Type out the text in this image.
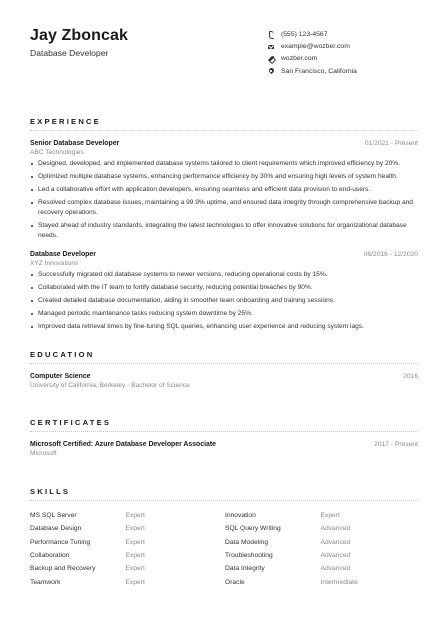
Jay Zboncak
Database Developer
(555) 123-4567
example@wozber.com
wozber.com
San Francisco, California
EXPERIENCE
Senior Database Developer	01/2021 - Present
ABC Technologies
Designed, developed, and implemented database systems tailored to client requirements which improved efficiency by 20%.
Optimized multiple database systems, enhancing performance efficiency by 30% and ensuring high levels of system health.
Led a collaborative effort with application developers, ensuring seamless and efficient data provision to end-users.
Resolved complex database issues, maintaining a 99.9% uptime, and ensured data integrity through comprehensive backup and recovery operations.
Stayed ahead of industry standards, integrating the latest technologies to offer innovative solutions for organizational database needs.
Database Developer	06/2016 - 12/2020
XYZ Innovations
Successfully migrated old database systems to newer versions, reducing operational costs by 15%.
Collaborated with the IT team to fortify database security, reducing potential breaches by 90%.
Created detailed database documentation, aiding in smoother team onboarding and training sessions.
Managed periodic maintenance tasks reducing system downtime by 25%.
Improved data retrieval times by fine-tuning SQL queries, enhancing user experience and reducing system lags.
EDUCATION
Computer Science	2016
University of California, Berkeley - Bachelor of Science
CERTIFICATES
Microsoft Certified: Azure Database Developer Associate	2017 - Present
Microsoft
SKILLS
MS SQL Server	Expert	Innovation	Expert
Database Design	Expert	SQL Query Writing	Advanced
Performance Tuning	Expert	Data Modeling	Advanced
Collaboration	Expert	Troubleshooting	Advanced
Backup and Recovery	Expert	Data Integrity	Advanced
Teamwork	Expert	Oracle	Intermediate
